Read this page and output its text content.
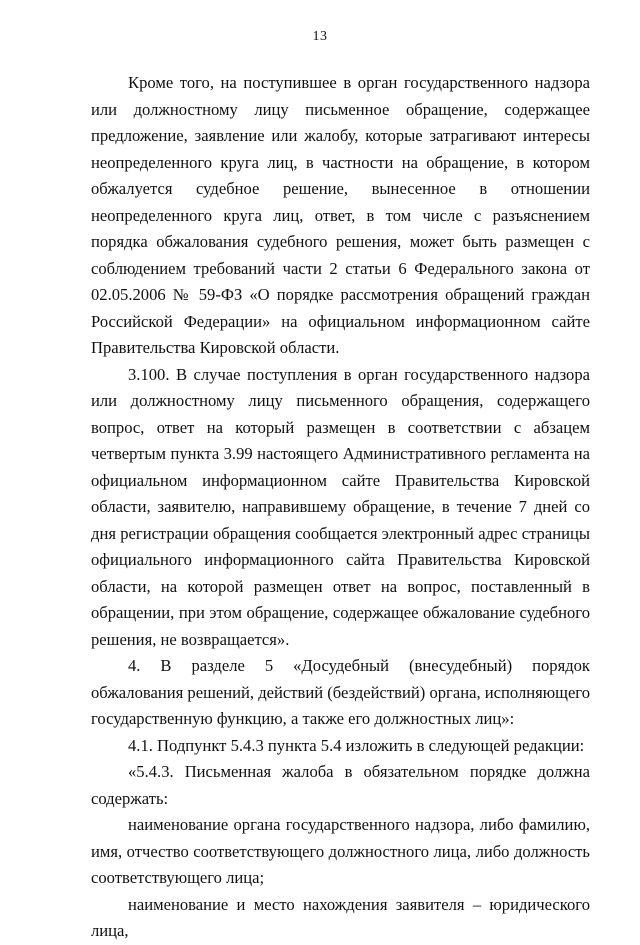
13

Кроме того, на поступившее в орган государственного надзора или должностному лицу письменное обращение, содержащее предложение, заявление или жалобу, которые затрагивают интересы неопределенного круга лиц, в частности на обращение, в котором обжалуется судебное решение, вынесенное в отношении неопределенного круга лиц, ответ, в том числе с разъяснением порядка обжалования судебного решения, может быть размещен с соблюдением требований части 2 статьи 6 Федерального закона от 02.05.2006 № 59-ФЗ «О порядке рассмотрения обращений граждан Российской Федерации» на официальном информационном сайте Правительства Кировской области.

3.100. В случае поступления в орган государственного надзора или должностному лицу письменного обращения, содержащего вопрос, ответ на который размещен в соответствии с абзацем четвертым пункта 3.99 настоящего Административного регламента на официальном информационном сайте Правительства Кировской области, заявителю, направившему обращение, в течение 7 дней со дня регистрации обращения сообщается электронный адрес страницы официального информационного сайта Правительства Кировской области, на которой размещен ответ на вопрос, поставленный в обращении, при этом обращение, содержащее обжалование судебного решения, не возвращается».

4. В разделе 5 «Досудебный (внесудебный) порядок обжалования решений, действий (бездействий) органа, исполняющего государственную функцию, а также его должностных лиц»:

4.1. Подпункт 5.4.3 пункта 5.4 изложить в следующей редакции:

«5.4.3. Письменная жалоба в обязательном порядке должна содержать:

наименование органа государственного надзора, либо фамилию, имя, отчество соответствующего должностного лица, либо должность соответствующего лица;

наименование и место нахождения заявителя – юридического лица,
